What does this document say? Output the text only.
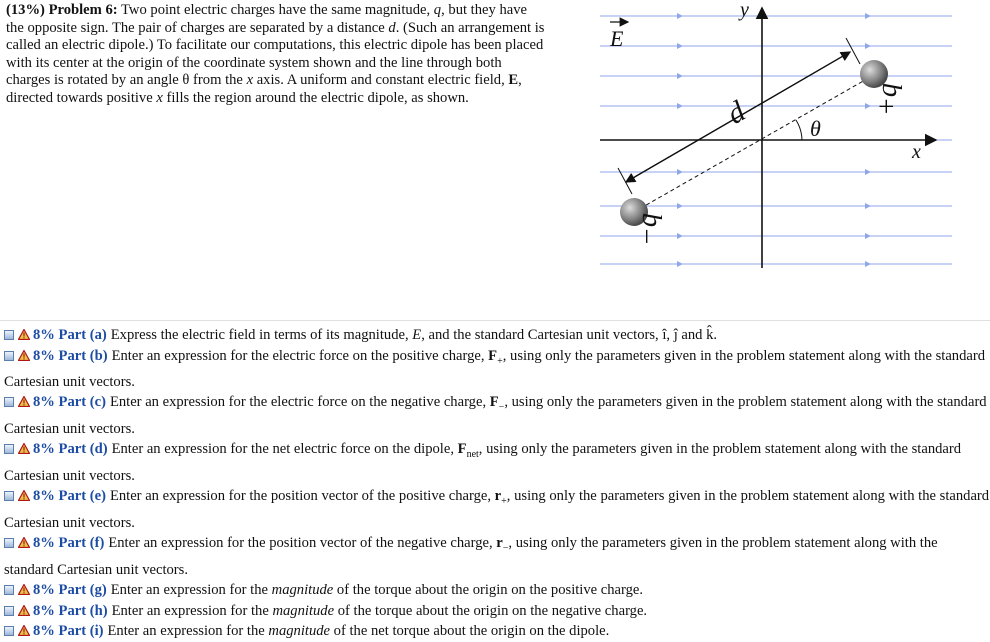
(13%) Problem 6: Two point electric charges have the same magnitude, q, but they have the opposite sign. The pair of charges are separated by a distance d. (Such an arrangement is called an electric dipole.) To facilitate our computations, this electric dipole has been placed with its center at the origin of the coordinate system shown and the line through both charges is rotated by an angle θ from the x axis. A uniform and constant electric field, E, directed towards positive x fills the region around the electric dipole, as shown.
x
y
E
d	θ
+q
−q
8% Part (a) Express the electric field in terms of its magnitude, E, and the standard Cartesian unit vectors, î, ĵ and k̂.
8% Part (b) Enter an expression for the electric force on the positive charge, $F_+$, using only the parameters given in the problem statement along with the standard Cartesian unit vectors.
8% Part (c) Enter an expression for the electric force on the negative charge, $F_-$, using only the parameters given in the problem statement along with the standard Cartesian unit vectors.
8% Part (d) Enter an expression for the net electric force on the dipole, $F_{net}$, using only the parameters given in the problem statement along with the standard Cartesian unit vectors.
8% Part (e) Enter an expression for the position vector of the positive charge, $r_+$, using only the parameters given in the problem statement along with the standard Cartesian unit vectors.
8% Part (f) Enter an expression for the position vector of the negative charge, $r_-$, using only the parameters given in the problem statement along with the standard Cartesian unit vectors.
8% Part (g) Enter an expression for the magnitude of the torque about the origin on the positive charge.
8% Part (h) Enter an expression for the magnitude of the torque about the origin on the negative charge.
8% Part (i) Enter an expression for the magnitude of the net torque about the origin on the dipole.
